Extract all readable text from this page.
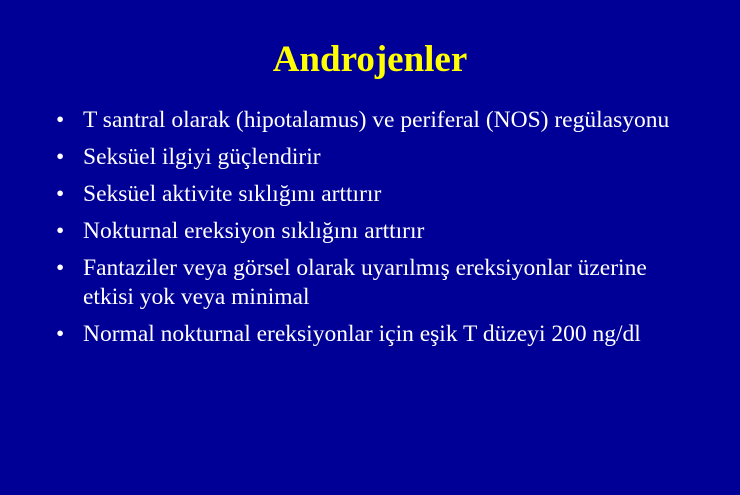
Androjenler
• T santral olarak (hipotalamus) ve periferal (NOS) regülasyonu
• Seksüel ilgiyi güçlendirir
• Seksüel aktivite sıklığını arttırır
• Nokturnal ereksiyon sıklığını arttırır
• Fantaziler veya görsel olarak uyarılmış ereksiyonlar üzerine etkisi yok veya minimal
• Normal nokturnal ereksiyonlar için eşik T düzeyi 200 ng/dl
